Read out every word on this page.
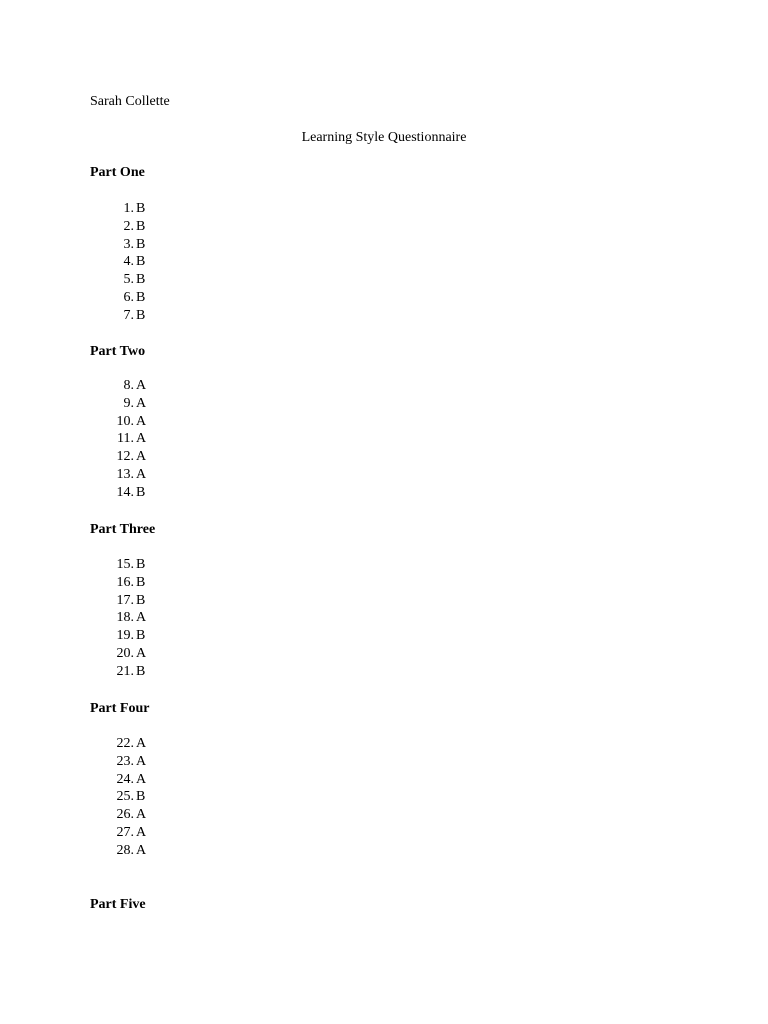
Sarah Collette
Learning Style Questionnaire
Part One
1. B
2. B
3. B
4. B
5. B
6. B
7. B
Part Two
8. A
9. A
10. A
11. A
12. A
13. A
14. B
Part Three
15. B
16. B
17. B
18. A
19. B
20. A
21. B
Part Four
22. A
23. A
24. A
25. B
26. A
27. A
28. A
Part Five
